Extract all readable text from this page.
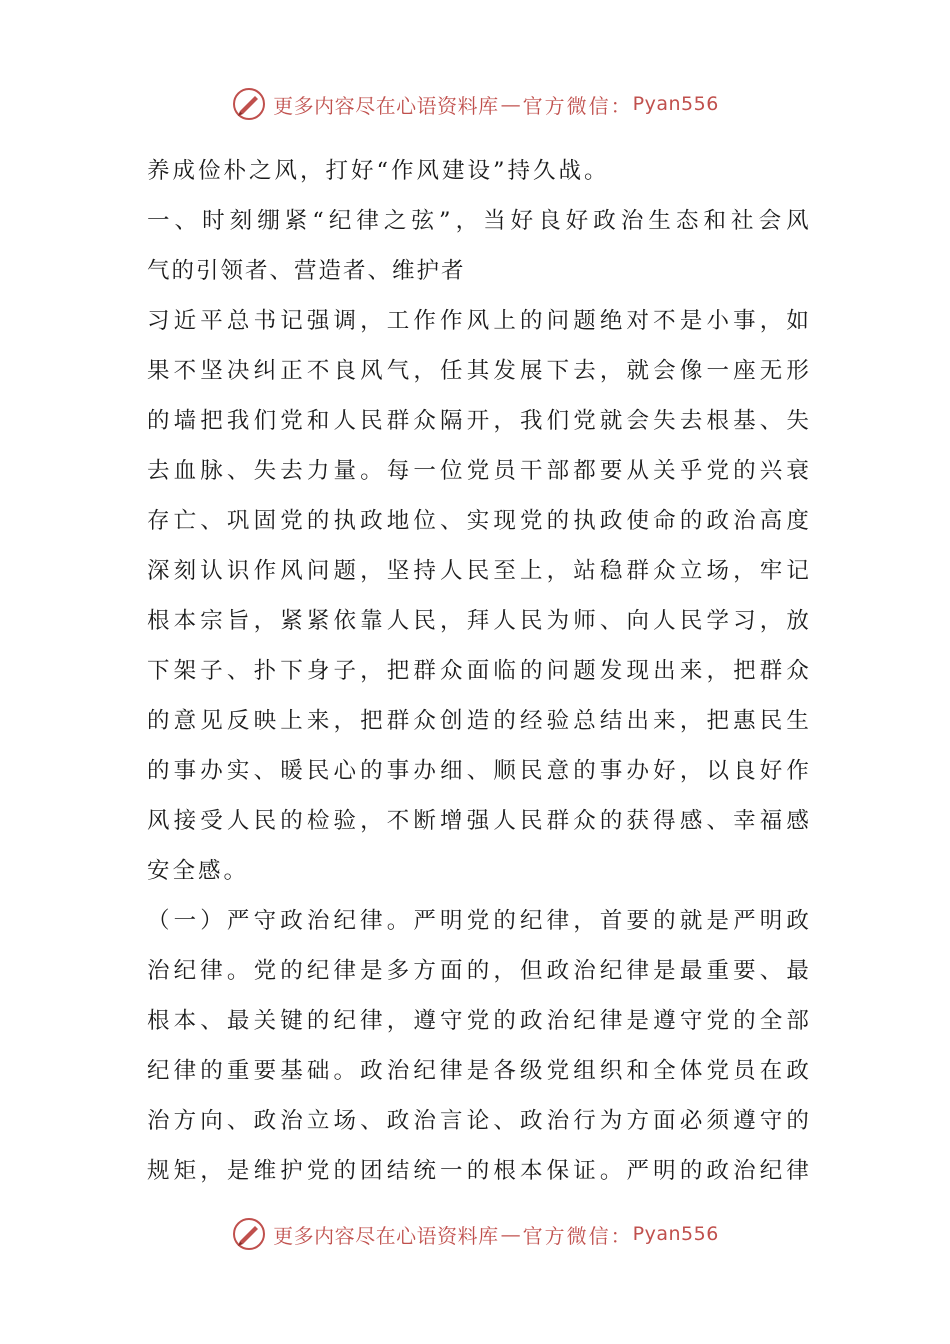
更多内容尽在心语资料库 — 官方微信： Pyan556
养成俭朴之风，打好“作风建设”持久战。
一 、 时 刻 绷 紧 “ 纪 律 之 弦 ” ， 当 好 良 好 政 治 生 态 和 社 会 风
气的引领者、营造者、维护者
习 近 平 总 书 记 强 调 ， 工 作 作 风 上 的 问 题 绝 对 不 是 小 事 ， 如
果 不 坚 决 纠 正 不 良 风 气 ， 任 其 发 展 下 去 ， 就 会 像 一 座 无 形
的 墙 把 我 们 党 和 人 民 群 众 隔 开 ， 我 们 党 就 会 失 去 根 基 、 失
去 血 脉 、 失 去 力 量 。 每 一 位 党 员 干 部 都 要 从 关 乎 党 的 兴 衰
存 亡 、 巩 固 党 的 执 政 地 位 、 实 现 党 的 执 政 使 命 的 政 治 高 度
深 刻 认 识 作 风 问 题 ， 坚 持 人 民 至 上 ， 站 稳 群 众 立 场 ， 牢 记
根 本 宗 旨 ， 紧 紧 依 靠 人 民 ， 拜 人 民 为 师 、 向 人 民 学 习 ， 放
下 架 子 、 扑 下 身 子 ， 把 群 众 面 临 的 问 题 发 现 出 来 ， 把 群 众
的 意 见 反 映 上 来 ， 把 群 众 创 造 的 经 验 总 结 出 来 ， 把 惠 民 生
的 事 办 实 、 暖 民 心 的 事 办 细 、 顺 民 意 的 事 办 好 ， 以 良 好 作
风 接 受 人 民 的 检 验 ， 不 断 增 强 人 民 群 众 的 获 得 感 、 幸 福 感
安全感。
（ 一 ） 严 守 政 治 纪 律 。 严 明 党 的 纪 律 ， 首 要 的 就 是 严 明 政
治 纪 律 。 党 的 纪 律 是 多 方 面 的 ， 但 政 治 纪 律 是 最 重 要 、 最
根 本 、 最 关 键 的 纪 律 ， 遵 守 党 的 政 治 纪 律 是 遵 守 党 的 全 部
纪 律 的 重 要 基 础 。 政 治 纪 律 是 各 级 党 组 织 和 全 体 党 员 在 政
治 方 向 、 政 治 立 场 、 政 治 言 论 、 政 治 行 为 方 面 必 须 遵 守 的
规 矩 ， 是 维 护 党 的 团 结 统 一 的 根 本 保 证 。 严 明 的 政 治 纪 律
更多内容尽在心语资料库 — 官方微信： Pyan556
